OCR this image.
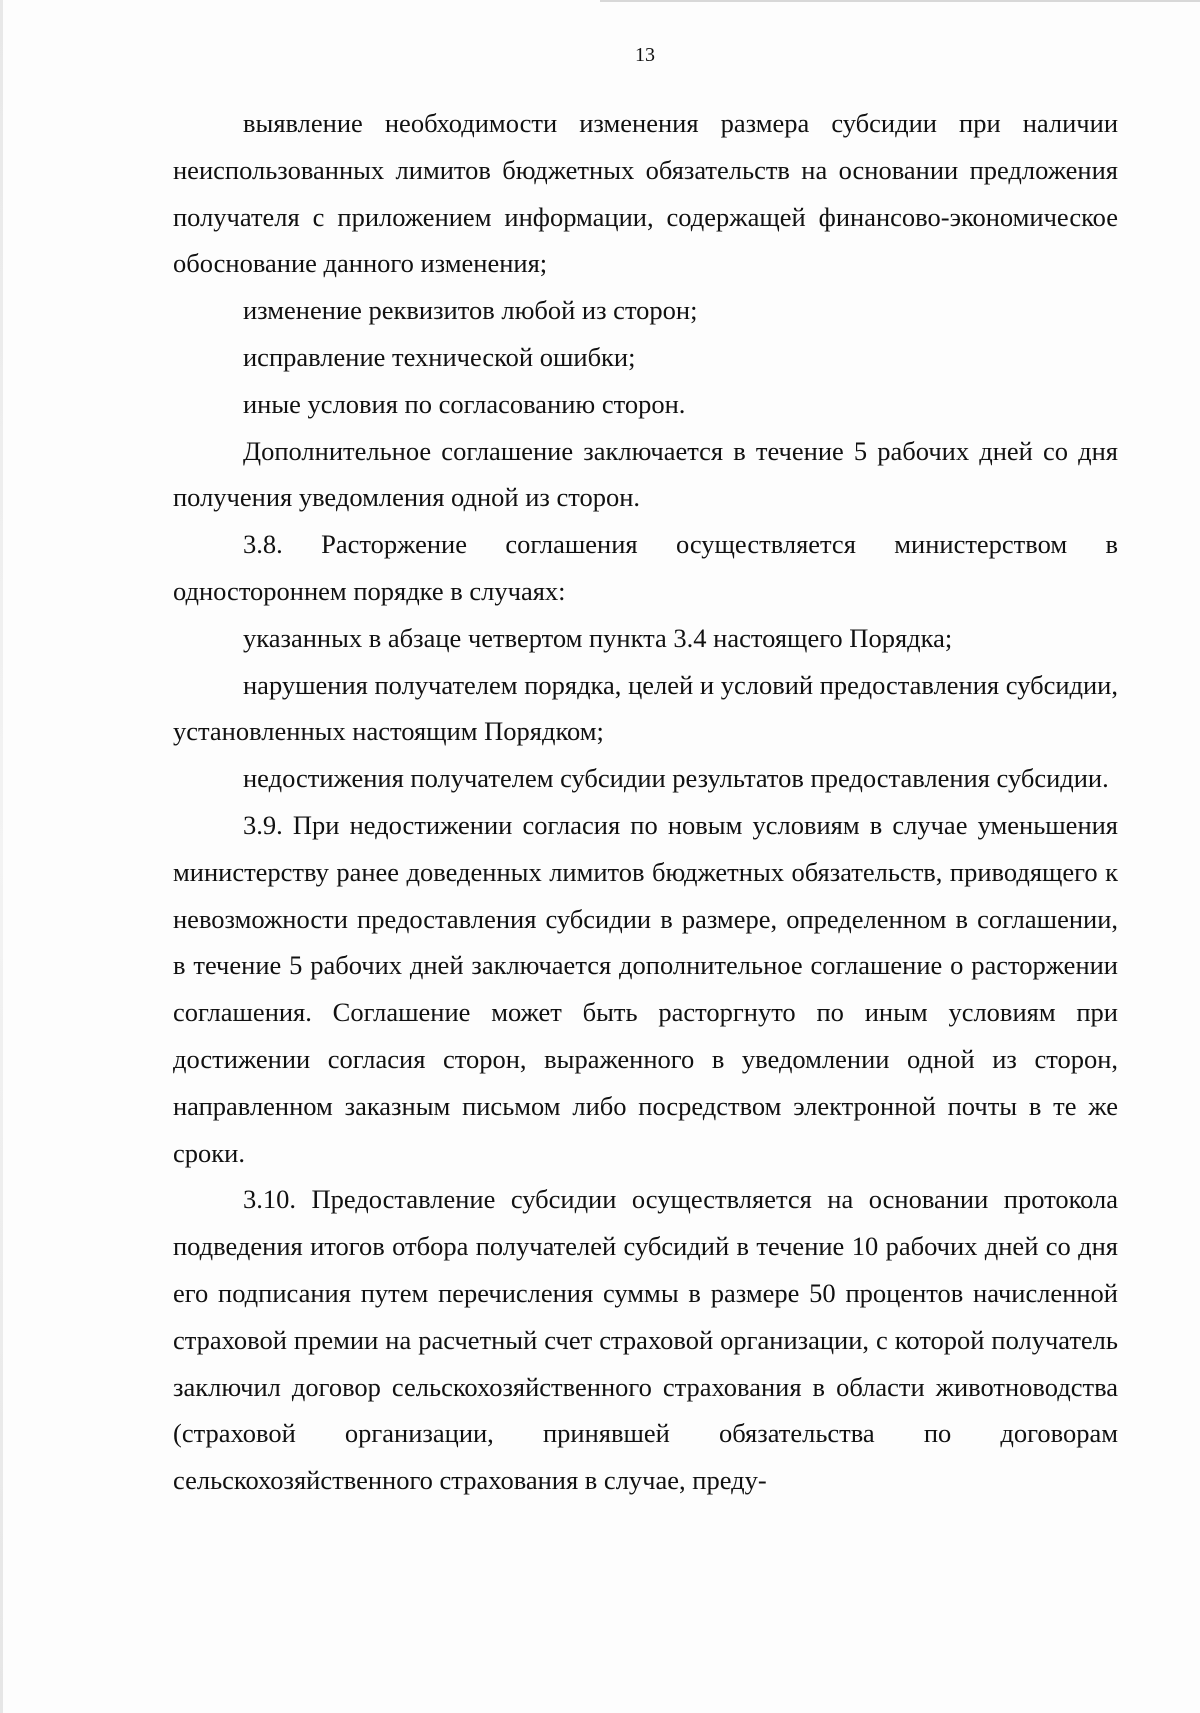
13

выявление необходимости изменения размера субсидии при наличии неиспользованных лимитов бюджетных обязательств на основании предложения получателя с приложением информации, содержащей финансово-экономическое обоснование данного изменения;

изменение реквизитов любой из сторон;

исправление технической ошибки;

иные условия по согласованию сторон.

Дополнительное соглашение заключается в течение 5 рабочих дней со дня получения уведомления одной из сторон.

3.8. Расторжение соглашения осуществляется министерством в одностороннем порядке в случаях:

указанных в абзаце четвертом пункта 3.4 настоящего Порядка;

нарушения получателем порядка, целей и условий предоставления субсидии, установленных настоящим Порядком;

недостижения получателем субсидии результатов предоставления субсидии.

3.9. При недостижении согласия по новым условиям в случае уменьшения министерству ранее доведенных лимитов бюджетных обязательств, приводящего к невозможности предоставления субсидии в размере, определенном в соглашении, в течение 5 рабочих дней заключается дополнительное соглашение о расторжении соглашения. Соглашение может быть расторгнуто по иным условиям при достижении согласия сторон, выраженного в уведомлении одной из сторон, направленном заказным письмом либо посредством электронной почты в те же сроки.

3.10. Предоставление субсидии осуществляется на основании протокола подведения итогов отбора получателей субсидий в течение 10 рабочих дней со дня его подписания путем перечисления суммы в размере 50 процентов начисленной страховой премии на расчетный счет страховой организации, с которой получатель заключил договор сельскохозяйственного страхования в области животноводства (страховой организации, принявшей обязательства по договорам сельскохозяйственного страхования в случае, преду-
